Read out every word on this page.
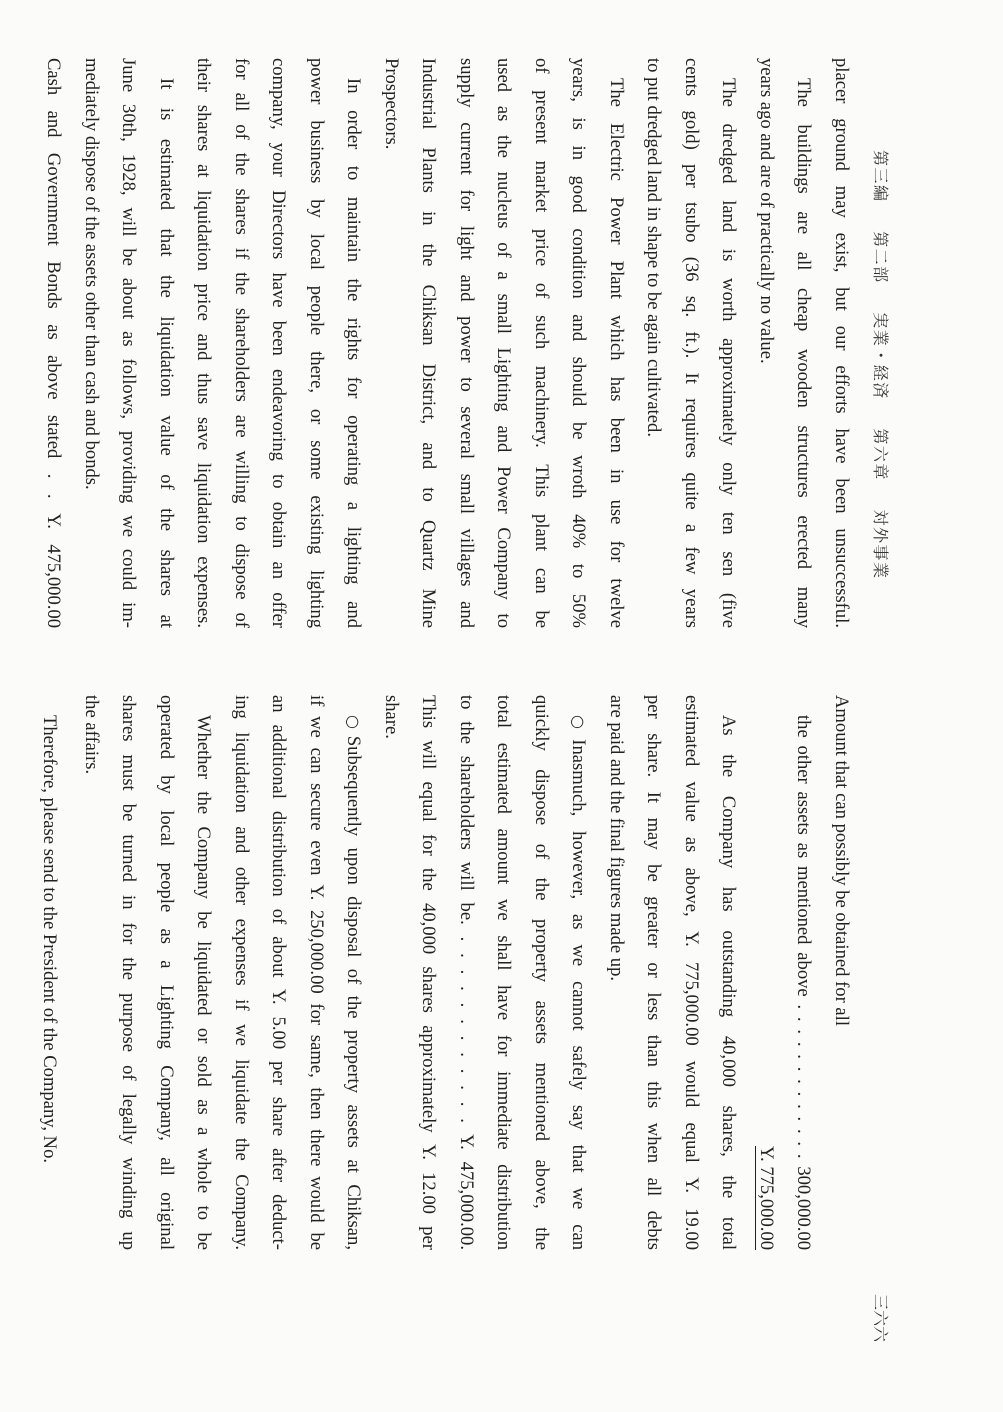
第三編 第二部 実業・経済 第六章 対外事業
三六六
placer ground may exist, but our efforts have been unsuccessful.
The buildings are all cheap wooden structures erected many
years ago and are of practically no value.
The dredged land is worth approximately only ten sen (five
cents gold) per tsubo (36 sq. ft.). It requires quite a few years
to put dredged land in shape to be again cultivated.
The Electric Power Plant which has been in use for twelve
years, is in good condition and should be wroth 40% to 50%
of present market price of such machinery. This plant can be
used as the nucleus of a small Lighting and Power Company to
supply current for light and power to several small villages and
Industrial Plants in the Chiksan District, and to Quartz Mine
Prospectors.
In order to maintain the rights for operating a lighting and
power business by local people there, or some existing lighting
company, your Directors have been endeavoring to obtain an offer
for all of the shares if the shareholders are willing to dispose of
their shares at liquidation price and thus save liquidation expenses.
It is estimated that the liquidation value of the shares at
June 30th, 1928, will be about as follows, providing we could im-
mediately dispose of the assets other than cash and bonds.
Cash and Government Bonds as above stated . . Y. 475,000.00
Amount that can possibly be obtained for all
the other assets as mentioned above . . . . . . . . . . . . . 300,000.00
Y. 775,000.00
As the Company has outstanding 40,000 shares, the total
estimated value as above, Y. 775,000.00 would equal Y. 19.00
per share. It may be greater or less than this when all debts
are paid and the final figures made up.
○Inasmuch, however, as we cannot safely say that we can
quickly dispose of the property assets mentioned above, the
total estimated amount we shall have for immediate distribution
to the shareholders will be. . . . . . . . . . . . . Y. 475,000.00.
This will equal for the 40,000 shares approximately Y. 12.00 per
share.
○Subsequently upon disposal of the property assets at Chiksan,
if we can secure even Y. 250,000.00 for same, then there would be
an additional distribution of about Y. 5.00 per share after deduct-
ing liquidation and other expenses if we liquidate the Company.
Whether the Company be liquidated or sold as a whole to be
operated by local people as a Lighting Company, all original
shares must be turned in for the purpose of legally winding up
the affairs.
Therefore, please send to the President of the Company, No.
